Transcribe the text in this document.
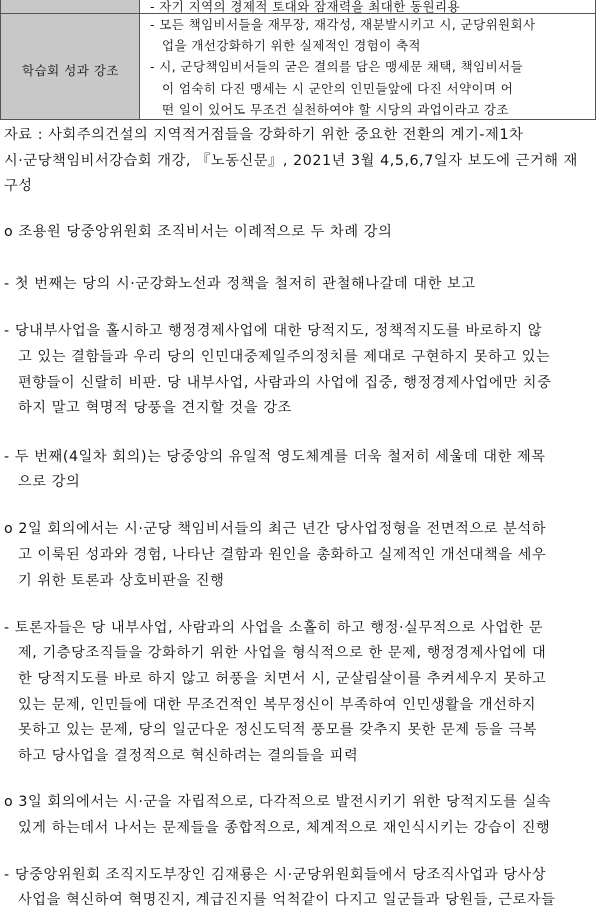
학습회 성과 강조
- 자기 지역의 경제적 토대와 잠재력을 최대한 동원리용
- 모든 책임비서들을 재무장, 재각성, 재분발시키고 시, 군당위원회사
업을 개선강화하기 위한 실제적인 경험이 축적
- 시, 군당책임비서들의 굳은 결의를 담은 맹세문 채택, 책임비서들
이 엄숙히 다진 맹세는 시 군안의 인민들앞에 다진 서약이며 어
떤 일이 있어도 무조건 실천하여야 할 시당의 과업이라고 강조
자료 : 사회주의건설의 지역적거점들을 강화하기 위한 중요한 전환의 계기-제1차
시·군당책임비서강습회 개강, 『노동신문』, 2021년 3월 4,5,6,7일자 보도에 근거해 재
구성
o 조용원 당중앙위원회 조직비서는 이례적으로 두 차례 강의
- 첫 번째는 당의 시·군강화노선과 정책을 철저히 관철해나갈데 대한 보고
- 당내부사업을 홀시하고 행정경제사업에 대한 당적지도, 정책적지도를 바로하지 않
고 있는 결함들과 우리 당의 인민대중제일주의정치를 제대로 구현하지 못하고 있는
편향들이 신랄히 비판. 당 내부사업, 사람과의 사업에 집중, 행정경제사업에만 치중
하지 말고 혁명적 당풍을 견지할 것을 강조
- 두 번째(4일차 회의)는 당중앙의 유일적 영도체계를 더욱 철저히 세울데 대한 제목
으로 강의
o 2일 회의에서는 시·군당 책임비서들의 최근 년간 당사업정형을 전면적으로 분석하
고 이룩된 성과와 경험, 나타난 결함과 원인을 총화하고 실제적인 개선대책을 세우
기 위한 토론과 상호비판을 진행
- 토론자들은 당 내부사업, 사람과의 사업을 소홀히 하고 행정·실무적으로 사업한 문
제, 기층당조직들을 강화하기 위한 사업을 형식적으로 한 문제, 행정경제사업에 대
한 당적지도를 바로 하지 않고 허풍을 치면서 시, 군살림살이를 추켜세우지 못하고
있는 문제, 인민들에 대한 무조건적인 복무정신이 부족하여 인민생활을 개선하지
못하고 있는 문제, 당의 일군다운 정신도덕적 풍모를 갖추지 못한 문제 등을 극복
하고 당사업을 결정적으로 혁신하려는 결의들을 피력
o 3일 회의에서는 시·군을 자립적으로, 다각적으로 발전시키기 위한 당적지도를 실속
있게 하는데서 나서는 문제들을 종합적으로, 체계적으로 재인식시키는 강습이 진행
- 당중앙위원회 조직지도부장인 김재룡은 시·군당위원회들에서 당조직사업과 당사상
사업을 혁신하여 혁명진지, 계급진지를 억척같이 다지고 일군들과 당원들, 근로자들
